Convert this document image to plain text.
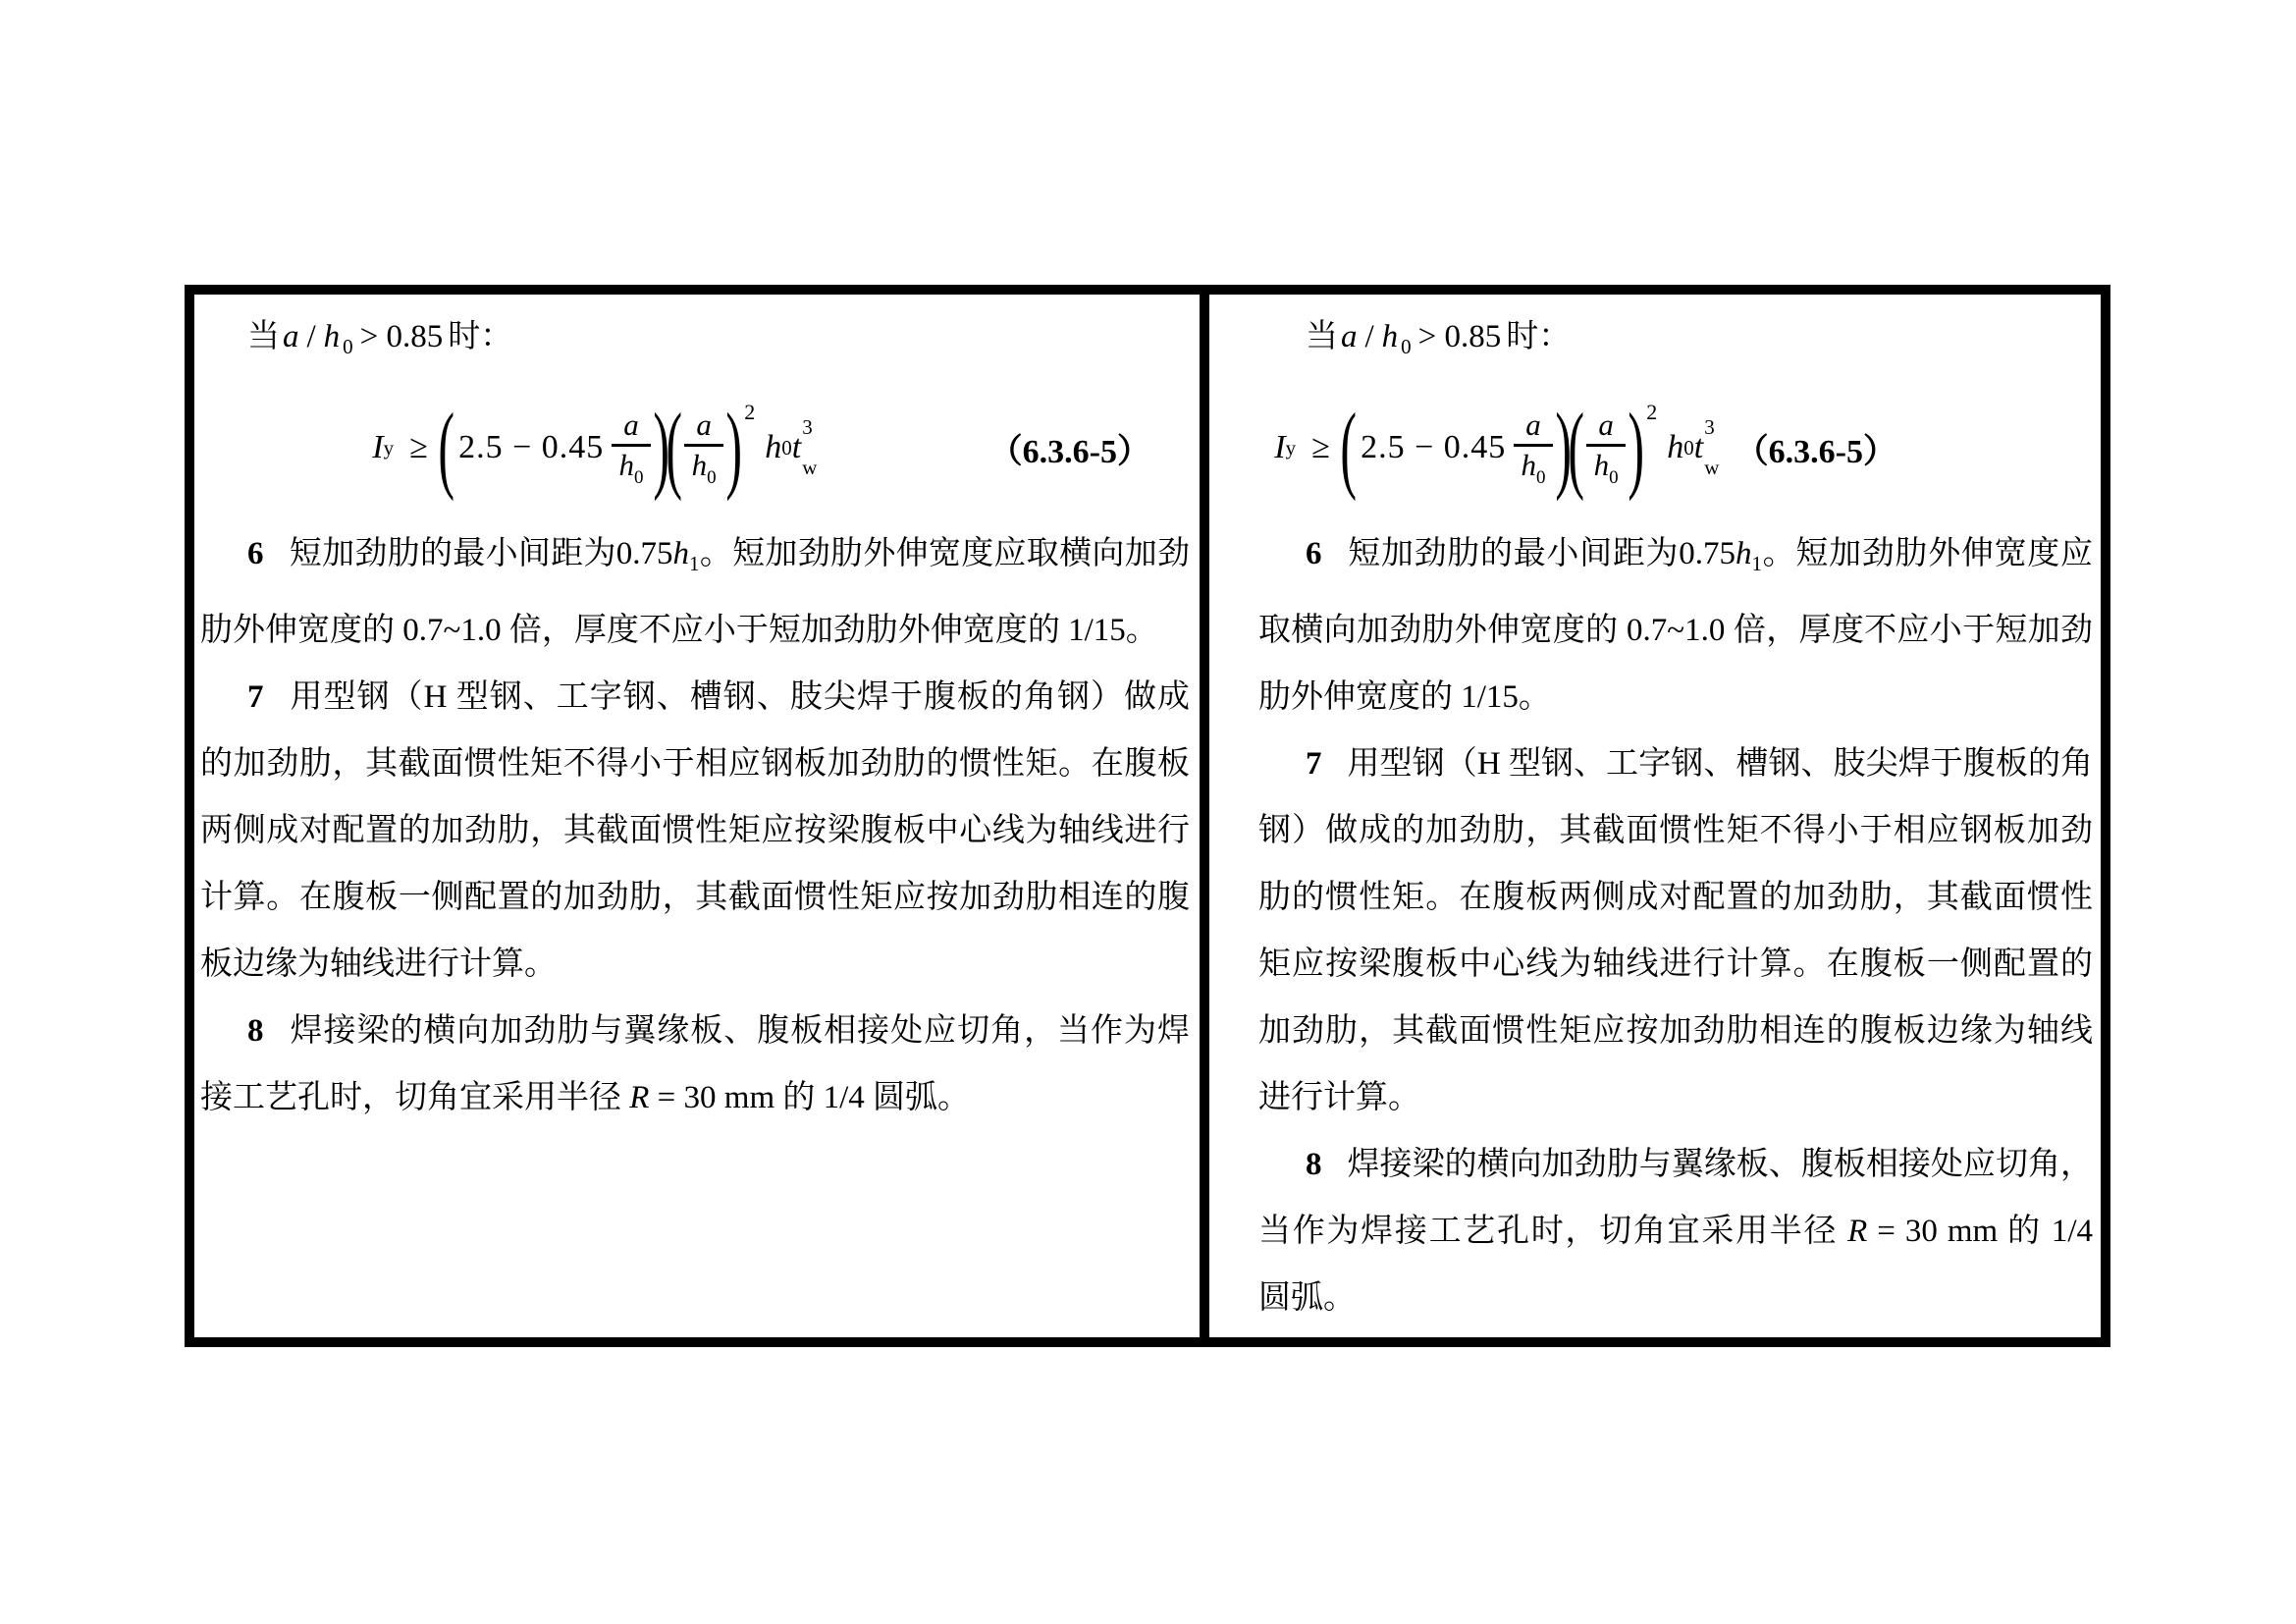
当a / h $_0$ > 0.85 时：

I y ≥ ( $2.5 - 0.45 \frac{a}{h_0}$ )
( $\frac{a}{h_0}$ ) 2
h 0 t
3
w	（6.3.6-5）

6 短加劲肋的最小间距为$0.75h_1$。短加劲肋外伸宽度应取横向加劲肋外伸宽度的 0.7~1.0 倍，厚度不应小于短加劲肋外伸宽度的 1/15。

7 用型钢（H 型钢、工字钢、槽钢、肢尖焊于腹板的角钢）做成的加劲肋，其截面惯性矩不得小于相应钢板加劲肋的惯性矩。在腹板两侧成对配置的加劲肋，其截面惯性矩应按梁腹板中心线为轴线进行计算。在腹板一侧配置的加劲肋，其截面惯性矩应按加劲肋相连的腹板边缘为轴线进行计算。

8 焊接梁的横向加劲肋与翼缘板、腹板相接处应切角，当作为焊接工艺孔时，切角宜采用半径 R = 30 mm 的 1/4 圆弧。

当a / h $_0$ > 0.85 时：

I y ≥ ( $2.5 - 0.45 \frac{a}{h_0}$ )
( $\frac{a}{h_0}$ ) 2
h 0 t
3
w （6.3.6-5）

6 短加劲肋的最小间距为$0.75h_1$。短加劲肋外伸宽度应取横向加劲肋外伸宽度的 0.7~1.0 倍，厚度不应小于短加劲肋外伸宽度的 1/15。

7 用型钢（H 型钢、工字钢、槽钢、肢尖焊于腹板的角钢）做成的加劲肋，其截面惯性矩不得小于相应钢板加劲肋的惯性矩。在腹板两侧成对配置的加劲肋，其截面惯性矩应按梁腹板中心线为轴线进行计算。在腹板一侧配置的加劲肋，其截面惯性矩应按加劲肋相连的腹板边缘为轴线进行计算。

8 焊接梁的横向加劲肋与翼缘板、腹板相接处应切角，当作为焊接工艺孔时，切角宜采用半径 R = 30 mm 的 1/4 圆弧。
